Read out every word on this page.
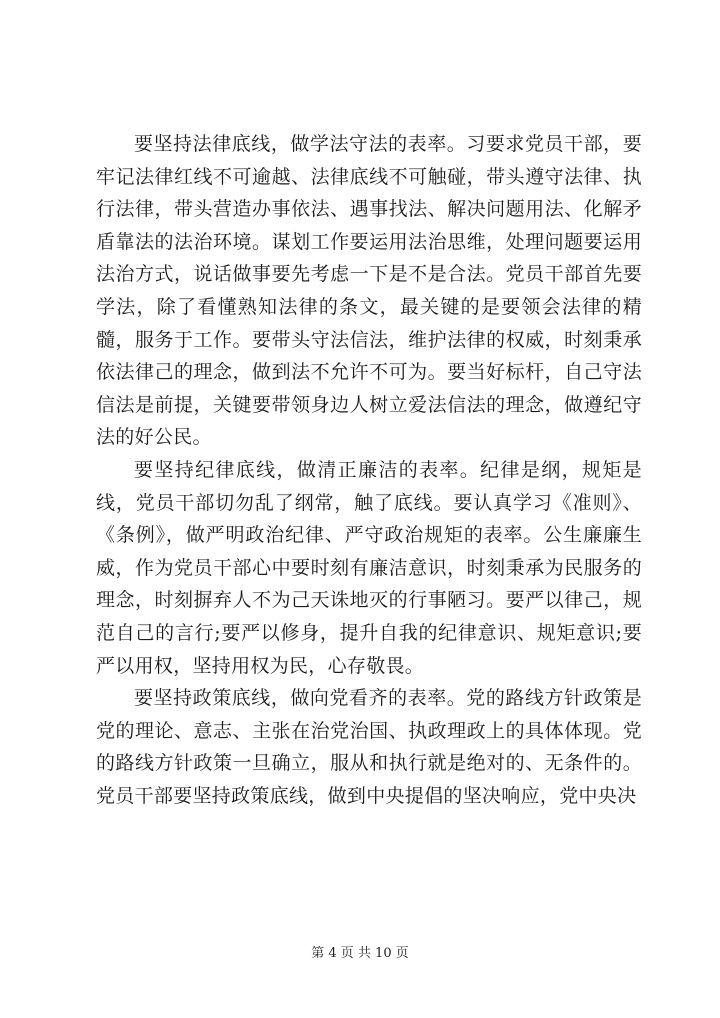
要坚持法律底线，做学法守法的表率。习要求党员干部，要牢记法律红线不可逾越、法律底线不可触碰，带头遵守法律、执行法律，带头营造办事依法、遇事找法、解决问题用法、化解矛盾靠法的法治环境。谋划工作要运用法治思维，处理问题要运用法治方式，说话做事要先考虑一下是不是合法。党员干部首先要学法，除了看懂熟知法律的条文，最关键的是要领会法律的精髓，服务于工作。要带头守法信法，维护法律的权威，时刻秉承依法律己的理念，做到法不允许不可为。要当好标杆，自己守法信法是前提，关键要带领身边人树立爱法信法的理念，做遵纪守法的好公民。

要坚持纪律底线，做清正廉洁的表率。纪律是纲，规矩是线，党员干部切勿乱了纲常，触了底线。要认真学习《准则》、《条例》，做严明政治纪律、严守政治规矩的表率。公生廉廉生威，作为党员干部心中要时刻有廉洁意识，时刻秉承为民服务的理念，时刻摒弃人不为己天诛地灭的行事陋习。要严以律己，规范自己的言行;要严以修身，提升自我的纪律意识、规矩意识;要严以用权，坚持用权为民，心存敬畏。

要坚持政策底线，做向党看齐的表率。党的路线方针政策是党的理论、意志、主张在治党治国、执政理政上的具体体现。党的路线方针政策一旦确立，服从和执行就是绝对的、无条件的。党员干部要坚持政策底线，做到中央提倡的坚决响应，党中央决

第 4 页 共 10 页
